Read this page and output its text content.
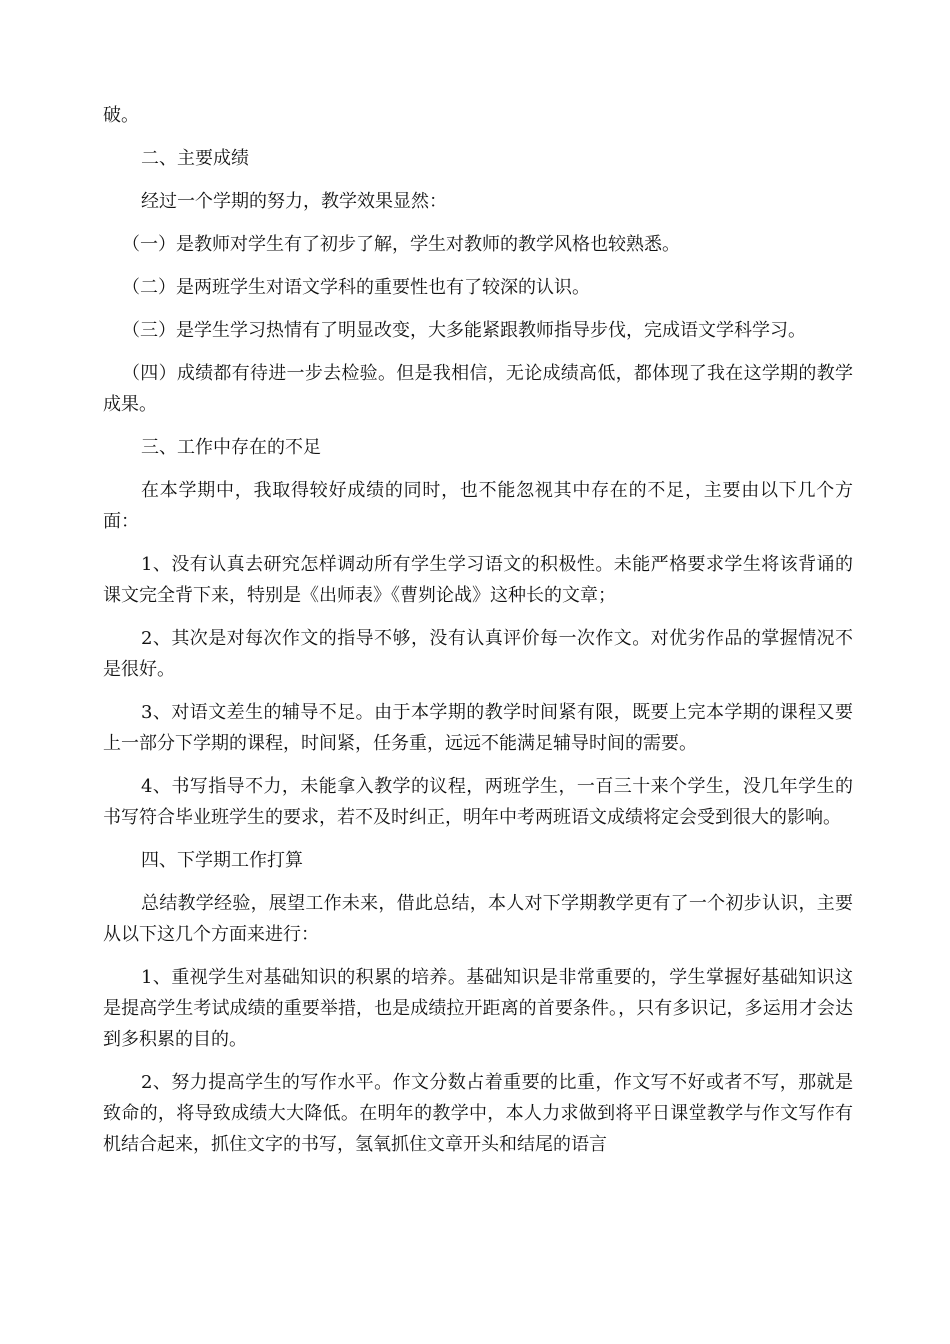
破。

二、主要成绩

经过一个学期的努力，教学效果显然：

（一）是教师对学生有了初步了解，学生对教师的教学风格也较熟悉。

（二）是两班学生对语文学科的重要性也有了较深的认识。

（三）是学生学习热情有了明显改变，大多能紧跟教师指导步伐，完成语文学科学习。

（四）成绩都有待进一步去检验。但是我相信，无论成绩高低，都体现了我在这学期的教学成果。

三、工作中存在的不足

在本学期中，我取得较好成绩的同时，也不能忽视其中存在的不足，主要由以下几个方面：

1、没有认真去研究怎样调动所有学生学习语文的积极性。未能严格要求学生将该背诵的课文完全背下来，特别是《出师表》《曹刿论战》这种长的文章；

2、其次是对每次作文的指导不够，没有认真评价每一次作文。对优劣作品的掌握情况不是很好。

3、对语文差生的辅导不足。由于本学期的教学时间紧有限，既要上完本学期的课程又要上一部分下学期的课程，时间紧，任务重，远远不能满足辅导时间的需要。

4、书写指导不力，未能拿入教学的议程，两班学生，一百三十来个学生，没几年学生的书写符合毕业班学生的要求，若不及时纠正，明年中考两班语文成绩将定会受到很大的影响。

四、下学期工作打算

总结教学经验，展望工作未来，借此总结，本人对下学期教学更有了一个初步认识，主要从以下这几个方面来进行：

1、重视学生对基础知识的积累的培养。基础知识是非常重要的，学生掌握好基础知识这是提高学生考试成绩的重要举措，也是成绩拉开距离的首要条件。，只有多识记，多运用才会达到多积累的目的。

2、努力提高学生的写作水平。作文分数占着重要的比重，作文写不好或者不写，那就是致命的，将导致成绩大大降低。在明年的教学中，本人力求做到将平日课堂教学与作文写作有机结合起来，抓住文字的书写，氢氧抓住文章开头和结尾的语言
